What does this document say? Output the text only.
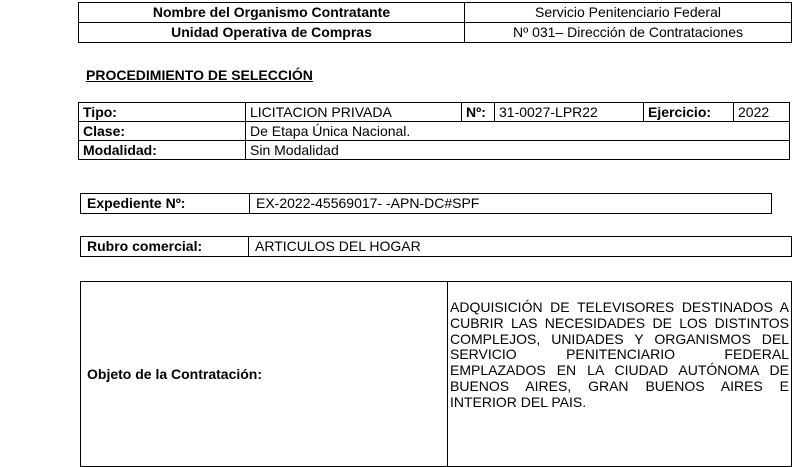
Nombre del Organismo Contratante	Servicio Penitenciario Federal
Unidad Operativa de Compras	Nº 031– Dirección de Contrataciones
PROCEDIMIENTO DE SELECCIÓN
Tipo:	LICITACION PRIVADA	Nº:	31-0027-LPR22	Ejercicio:	2022
Clase:	De Etapa Única Nacional.				
Modalidad:	Sin Modalidad				
Expediente Nº:	EX-2022-45569017- -APN-DC#SPF
Rubro comercial:	ARTICULOS DEL HOGAR
Objeto de la Contratación:	ADQUISICIÓN DE TELEVISORES DESTINADOS A CUBRIR LAS NECESIDADES DE LOS DISTINTOS COMPLEJOS, UNIDADES Y ORGANISMOS DEL SERVICIO PENITENCIARIO FEDERAL EMPLAZADOS EN LA CIUDAD AUTÓNOMA DE BUENOS AIRES, GRAN BUENOS AIRES E INTERIOR DEL PAIS.
